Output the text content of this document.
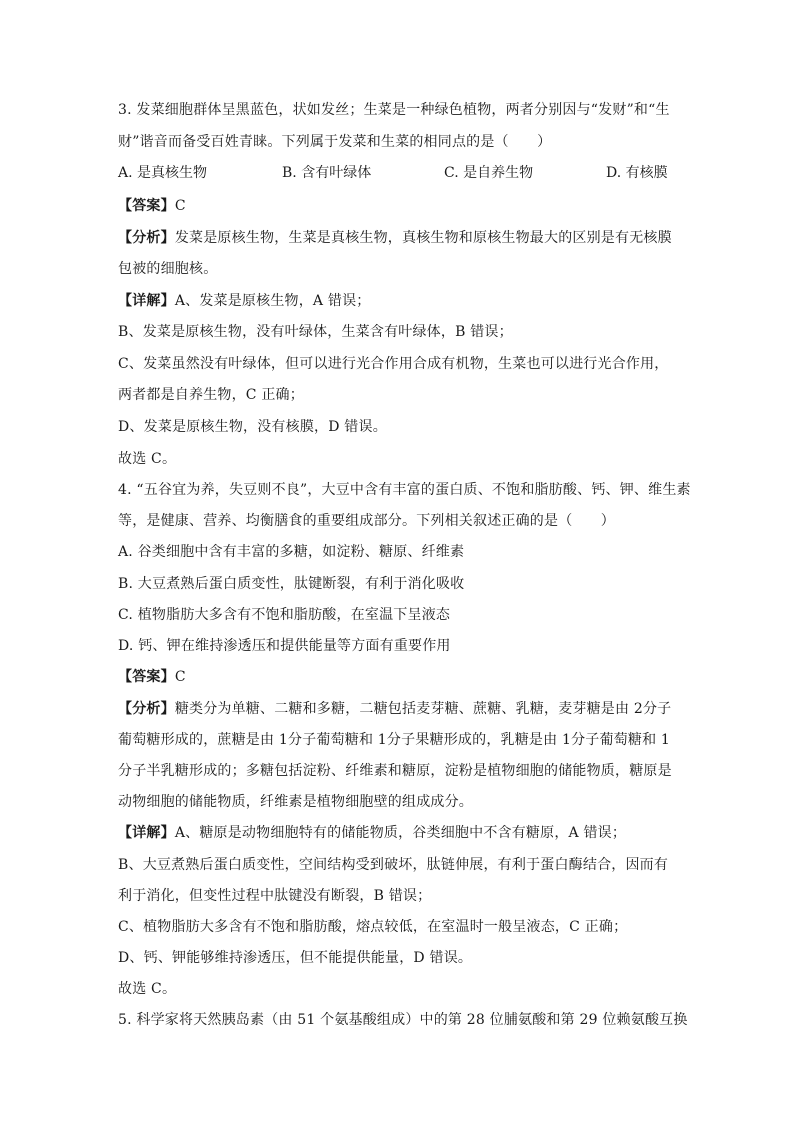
3. 发菜细胞群体呈黑蓝色，状如发丝；生菜是一种绿色植物，两者分别因与“发财”和“生
财”谐音而备受百姓青睐。下列属于发菜和生菜的相同点的是（　　）
A. 是真核生物	B. 含有叶绿体	C. 是自养生物	D. 有核膜
【答案】C
【分析】发菜是原核生物，生菜是真核生物，真核生物和原核生物最大的区别是有无核膜
包被的细胞核。
【详解】A、发菜是原核生物，A 错误；
B、发菜是原核生物，没有叶绿体，生菜含有叶绿体，B 错误；
C、发菜虽然没有叶绿体，但可以进行光合作用合成有机物，生菜也可以进行光合作用，
两者都是自养生物，C 正确；
D、发菜是原核生物，没有核膜，D 错误。
故选 C。
4. “五谷宜为养，失豆则不良”，大豆中含有丰富的蛋白质、不饱和脂肪酸、钙、钾、维生素
等，是健康、营养、均衡膳食的重要组成部分。下列相关叙述正确的是（　　）
A. 谷类细胞中含有丰富的多糖，如淀粉、糖原、纤维素
B. 大豆煮熟后蛋白质变性，肽键断裂，有利于消化吸收
C. 植物脂肪大多含有不饱和脂肪酸，在室温下呈液态
D. 钙、钾在维持渗透压和提供能量等方面有重要作用
【答案】C
【分析】糖类分为单糖、二糖和多糖，二糖包括麦芽糖、蔗糖、乳糖，麦芽糖是由 2分子
葡萄糖形成的，蔗糖是由 1分子葡萄糖和 1分子果糖形成的，乳糖是由 1分子葡萄糖和 1
分子半乳糖形成的；多糖包括淀粉、纤维素和糖原，淀粉是植物细胞的储能物质，糖原是
动物细胞的储能物质，纤维素是植物细胞壁的组成成分。
【详解】A、糖原是动物细胞特有的储能物质，谷类细胞中不含有糖原，A 错误；
B、大豆煮熟后蛋白质变性，空间结构受到破坏，肽链伸展，有利于蛋白酶结合，因而有
利于消化，但变性过程中肽键没有断裂，B 错误；
C、植物脂肪大多含有不饱和脂肪酸，熔点较低，在室温时一般呈液态，C 正确；
D、钙、钾能够维持渗透压，但不能提供能量，D 错误。
故选 C。
5. 科学家将天然胰岛素（由 51 个氨基酸组成）中的第 28 位脯氨酸和第 29 位赖氨酸互换
